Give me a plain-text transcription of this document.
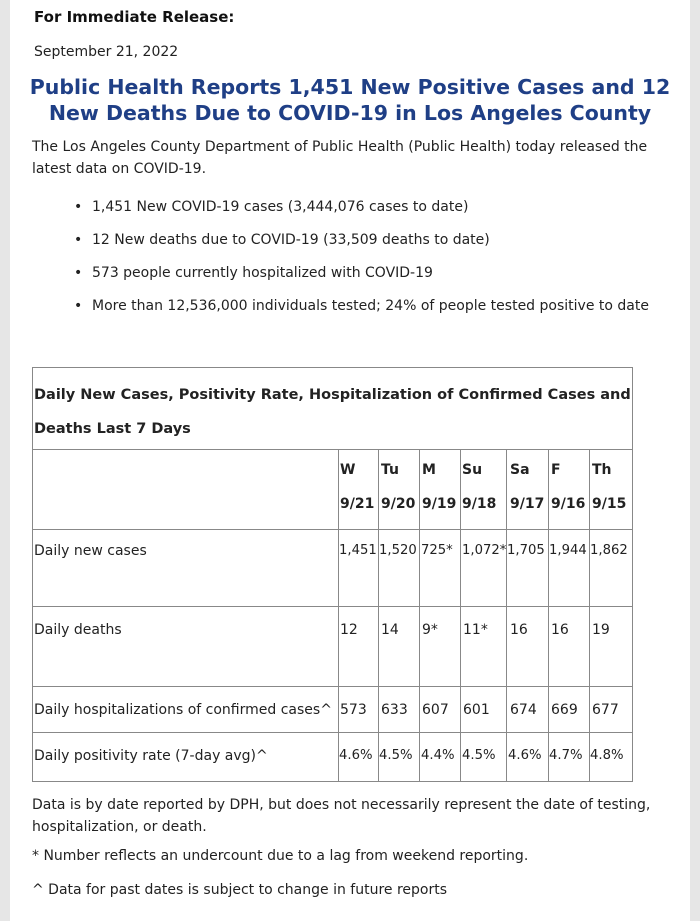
For Immediate Release:
September 21, 2022
Public Health Reports 1,451 New Positive Cases and 12
New Deaths Due to COVID-19 in Los Angeles County
The Los Angeles County Department of Public Health (Public Health) today released the latest data on COVID-19.
• 1,451 New COVID-19 cases (3,444,076 cases to date)
• 12 New deaths due to COVID-19 (33,509 deaths to date)
• 573 people currently hospitalized with COVID-19
• More than 12,536,000 individuals tested; 24% of people tested positive to date
Daily New Cases, Positivity Rate, Hospitalization of Confirmed Cases and
Deaths Last 7 Days
W Tu M Su Sa F Th
9/21 9/20 9/19 9/18 9/17 9/16 9/15
Daily new cases	1,451 1,520 725* 1,072* 1,705 1,944 1,862
Daily deaths	12 14 9* 11* 16 16 19
Daily hospitalizations of confirmed cases^ 573 633 607 601 674 669 677
Daily positivity rate (7-day avg)^	4.6% 4.5% 4.4% 4.5% 4.6% 4.7% 4.8%
Data is by date reported by DPH, but does not necessarily represent the date of testing, hospitalization, or death.
* Number reflects an undercount due to a lag from weekend reporting.
^ Data for past dates is subject to change in future reports
